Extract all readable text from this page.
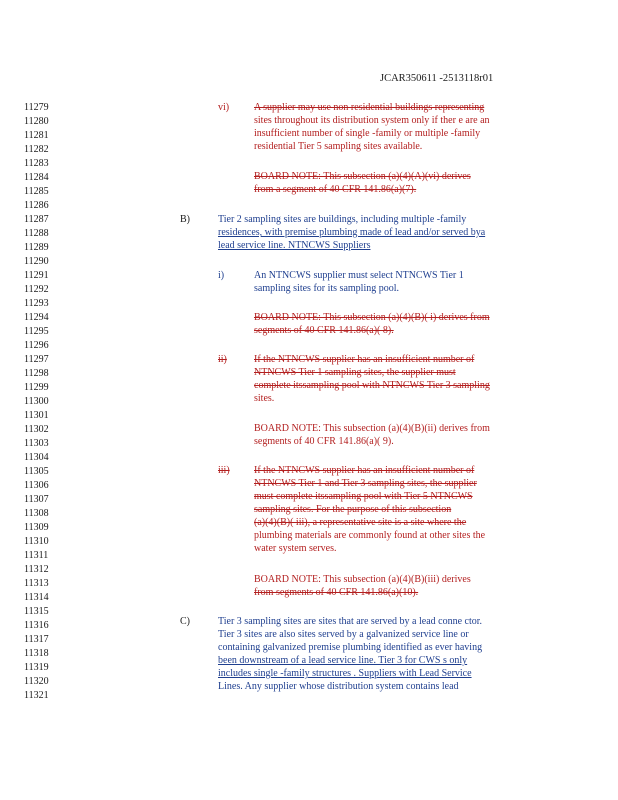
JCAR350611 -2513118r01
11279
11280
11281
11282
11283
11284
11285
11286
11287
11288
11289
11290
11291
11292
11293
11294
11295
11296
11297
11298
11299
11300
11301
11302
11303
11304
11305
11306
11307
11308
11309
11310
11311
11312
11313
11314
11315
11316
11317
11318
11319
11320
11321
vi) A supplier may use non residential buildings representing
sites throughout its distribution system only if ther e are an
insufficient number of single -family or multiple -family
residential Tier 5 sampling sites available.
BOARD NOTE: This subsection (a)(4)(A)(vi) derives
from a segment of 40 CFR 141.86(a)(7).
B)	Tier 2 sampling sites are buildings, including multiple -family
residences, with premise plumbing made of lead and/or served bya
lead service line. NTNCWS Suppliers
i)	An NTNCWS supplier must select NTNCWS Tier 1
sampling sites for its sampling pool.
BOARD NOTE: This subsection (a)(4)(B)( i) derives from
segments of 40 CFR 141.86(a)( 8).
ii)	If the NTNCWS supplier has an insufficient number of
NTNCWS Tier 1 sampling sites, the supplier must
complete itssampling pool with NTNCWS Tier 3 sampling
sites.
BOARD NOTE: This subsection (a)(4)(B)(ii) derives from
segments of 40 CFR 141.86(a)( 9).
iii) If the NTNCWS supplier has an insufficient number of
NTNCWS Tier 1 and Tier 3 sampling sites, the supplier
must complete itssampling pool with Tier 5 NTNCWS
sampling sites. For the purpose of this subsection
(a)(4)(B)( iii), a representative site is a site where the
plumbing materials are commonly found at other sites the
water system serves.
BOARD NOTE: This subsection (a)(4)(B)(iii) derives
from segments of 40 CFR 141.86(a)(10).
C)	Tier 3 sampling sites are sites that are served by a lead conne ctor.
Tier 3 sites are also sites served by a galvanized service line or
containing galvanized premise plumbing identified as ever having
been downstream of a lead service line. Tier 3 for CWS s only
includes single -family structures . Suppliers with Lead Service
Lines. Any supplier whose distribution system contains lead
